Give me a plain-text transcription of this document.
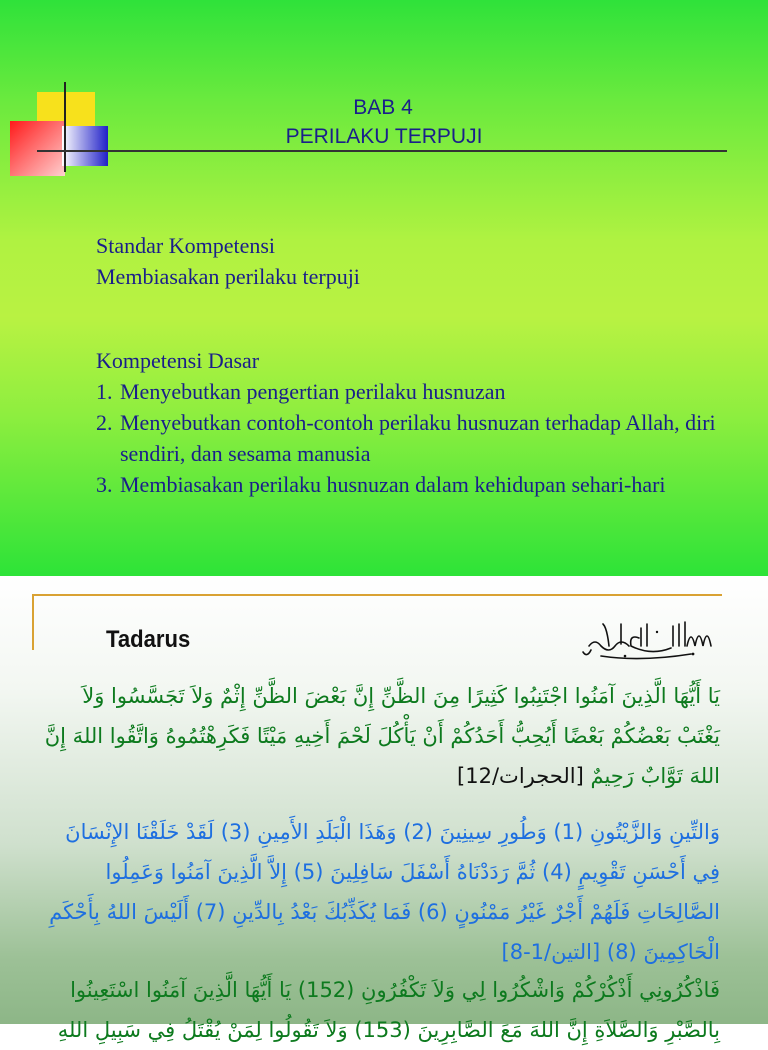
BAB 4
PERILAKU TERPUJI
Standar Kompetensi
Membiasakan perilaku terpuji
Kompetensi Dasar
1. Menyebutkan pengertian perilaku husnuzan
2. Menyebutkan contoh-contoh perilaku husnuzan terhadap Allah, diri sendiri, dan sesama manusia
3. Membiasakan perilaku husnuzan dalam kehidupan sehari-hari
Tadarus
يَا أَيُّهَا الَّذِينَ آمَنُوا اجْتَنِبُوا كَثِيرًا مِنَ الظَّنِّ إِنَّ بَعْضَ الظَّنِّ إِثْمٌ وَلاَ تَجَسَّسُوا وَلاَ يَغْتَبْ بَعْضُكُمْ بَعْضًا أَيُحِبُّ أَحَدُكُمْ أَنْ يَأْكُلَ لَحْمَ أَخِيهِ مَيْتًا فَكَرِهْتُمُوهُ وَاتَّقُوا اللهَ إِنَّ اللهَ تَوَّابٌ رَحِيمٌ [الحجرات/12]
وَالتِّينِ وَالزَّيْتُونِ (1) وَطُورِ سِينِينَ (2) وَهَذَا الْبَلَدِ الأَمِينِ (3) لَقَدْ خَلَقْنَا الإِنْسَانَ فِي أَحْسَنِ تَقْوِيمٍ (4) ثُمَّ رَدَدْنَاهُ أَسْفَلَ سَافِلِينَ (5) إِلاَّ الَّذِينَ آمَنُوا وَعَمِلُوا الصَّالِحَاتِ فَلَهُمْ أَجْرٌ غَيْرُ مَمْنُونٍ (6) فَمَا يُكَذِّبُكَ بَعْدُ بِالدِّينِ (7) أَلَيْسَ اللهُ بِأَحْكَمِ الْحَاكِمِينَ (8) [التين/1-8]
فَاذْكُرُونِي أَذْكُرْكُمْ وَاشْكُرُوا لِي وَلاَ تَكْفُرُونِ (152) يَا أَيُّهَا الَّذِينَ آمَنُوا اسْتَعِينُوا بِالصَّبْرِ وَالصَّلاَةِ إِنَّ اللهَ مَعَ الصَّابِرِينَ (153) وَلاَ تَقُولُوا لِمَنْ يُقْتَلُ فِي سَبِيلِ اللهِ
